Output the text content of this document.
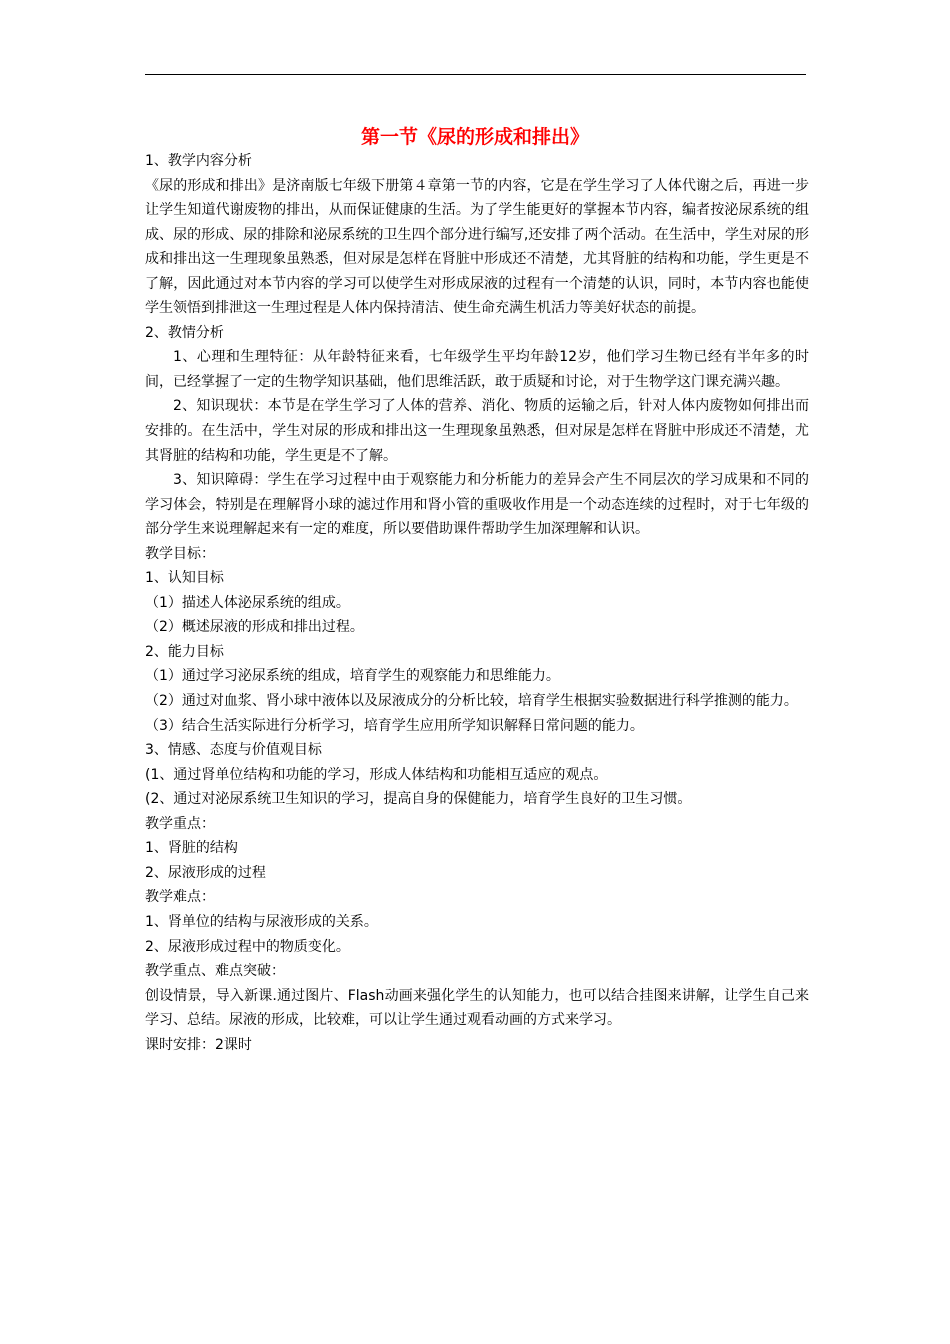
第一节《尿的形成和排出》

1、教学内容分析

《尿的形成和排出》是济南版七年级下册第４章第一节的内容，它是在学生学习了人体代谢之后，再进一步让学生知道代谢废物的排出，从而保证健康的生活。为了学生能更好的掌握本节内容，编者按泌尿系统的组成、尿的形成、尿的排除和泌尿系统的卫生四个部分进行编写,还安排了两个活动。在生活中，学生对尿的形成和排出这一生理现象虽熟悉，但对尿是怎样在肾脏中形成还不清楚，尤其肾脏的结构和功能，学生更是不了解，因此通过对本节内容的学习可以使学生对形成尿液的过程有一个清楚的认识，同时，本节内容也能使学生领悟到排泄这一生理过程是人体内保持清洁、使生命充满生机活力等美好状态的前提。

2、教情分析

1、心理和生理特征：从年龄特征来看，七年级学生平均年龄12岁，他们学习生物已经有半年多的时间，已经掌握了一定的生物学知识基础，他们思维活跃，敢于质疑和讨论，对于生物学这门课充满兴趣。

2、知识现状：本节是在学生学习了人体的营养、消化、物质的运输之后，针对人体内废物如何排出而安排的。在生活中，学生对尿的形成和排出这一生理现象虽熟悉，但对尿是怎样在肾脏中形成还不清楚，尤其肾脏的结构和功能，学生更是不了解。

3、知识障碍：学生在学习过程中由于观察能力和分析能力的差异会产生不同层次的学习成果和不同的学习体会，特别是在理解肾小球的滤过作用和肾小管的重吸收作用是一个动态连续的过程时，对于七年级的部分学生来说理解起来有一定的难度，所以要借助课件帮助学生加深理解和认识。

教学目标：

1、认知目标

（1）描述人体泌尿系统的组成。

（2）概述尿液的形成和排出过程。

2、能力目标

（1）通过学习泌尿系统的组成，培育学生的观察能力和思维能力。

（2）通过对血浆、肾小球中液体以及尿液成分的分析比较，培育学生根据实验数据进行科学推测的能力。

（3）结合生活实际进行分析学习，培育学生应用所学知识解释日常问题的能力。

3、情感、态度与价值观目标

(1、通过肾单位结构和功能的学习，形成人体结构和功能相互适应的观点。

(2、通过对泌尿系统卫生知识的学习，提高自身的保健能力，培育学生良好的卫生习惯。

教学重点：

1、肾脏的结构

2、尿液形成的过程

教学难点：

1、肾单位的结构与尿液形成的关系。

2、尿液形成过程中的物质变化。

教学重点、难点突破：

创设情景，导入新课.通过图片、Flash动画来强化学生的认知能力，也可以结合挂图来讲解，让学生自己来学习、总结。尿液的形成，比较难，可以让学生通过观看动画的方式来学习。

课时安排：2课时
